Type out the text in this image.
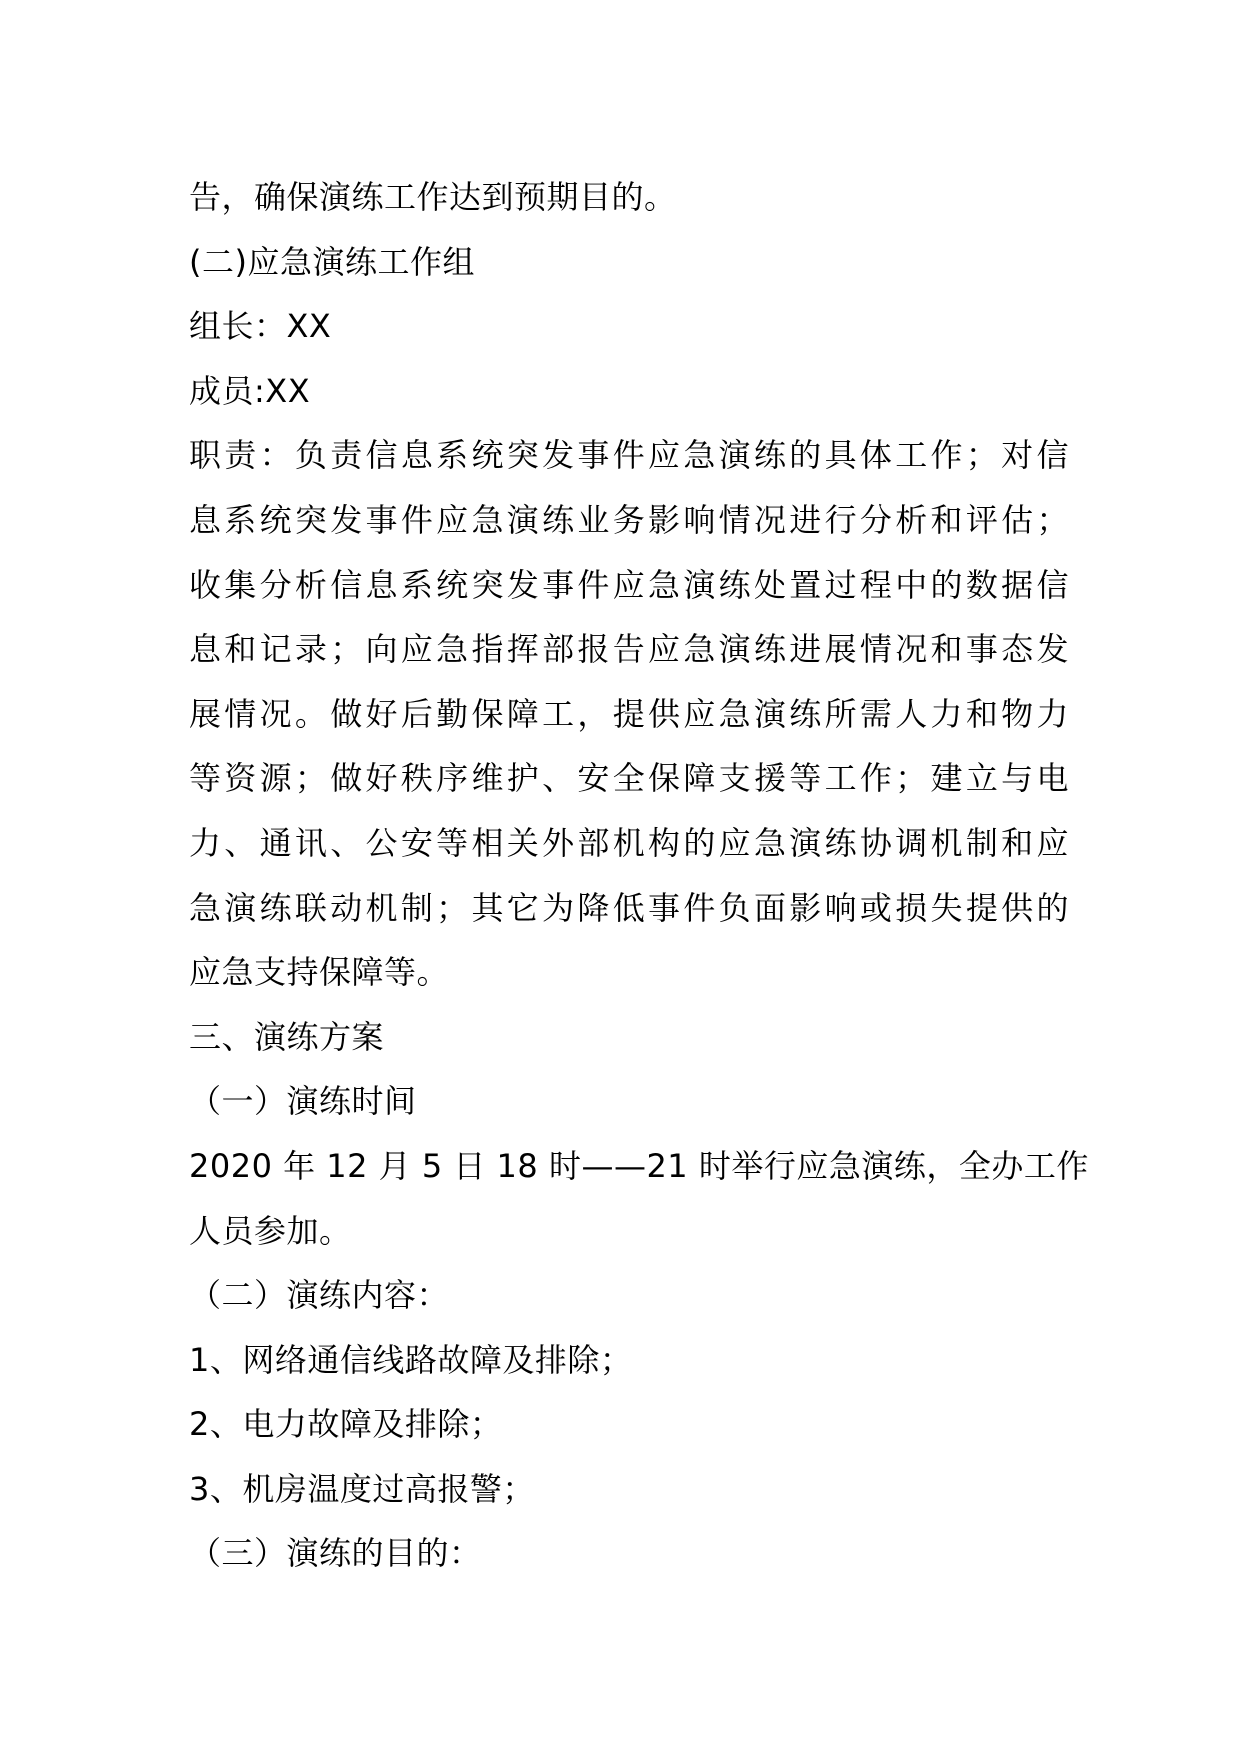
告，确保演练工作达到预期目的。
(二)应急演练工作组
组长：XX
成员:XX
职责：负责信息系统突发事件应急演练的具体工作；对信
息系统突发事件应急演练业务影响情况进行分析和评估；
收集分析信息系统突发事件应急演练处置过程中的数据信
息和记录；向应急指挥部报告应急演练进展情况和事态发
展情况。做好后勤保障工，提供应急演练所需人力和物力
等资源；做好秩序维护、安全保障支援等工作；建立与电
力、通讯、公安等相关外部机构的应急演练协调机制和应
急演练联动机制；其它为降低事件负面影响或损失提供的
应急支持保障等。
三、演练方案
（一）演练时间
2020 年 12 月 5 日 18 时——21 时举行应急演练，全办工作
人员参加。
（二）演练内容：
1、网络通信线路故障及排除；
2、电力故障及排除；
3、机房温度过高报警；
（三）演练的目的：
